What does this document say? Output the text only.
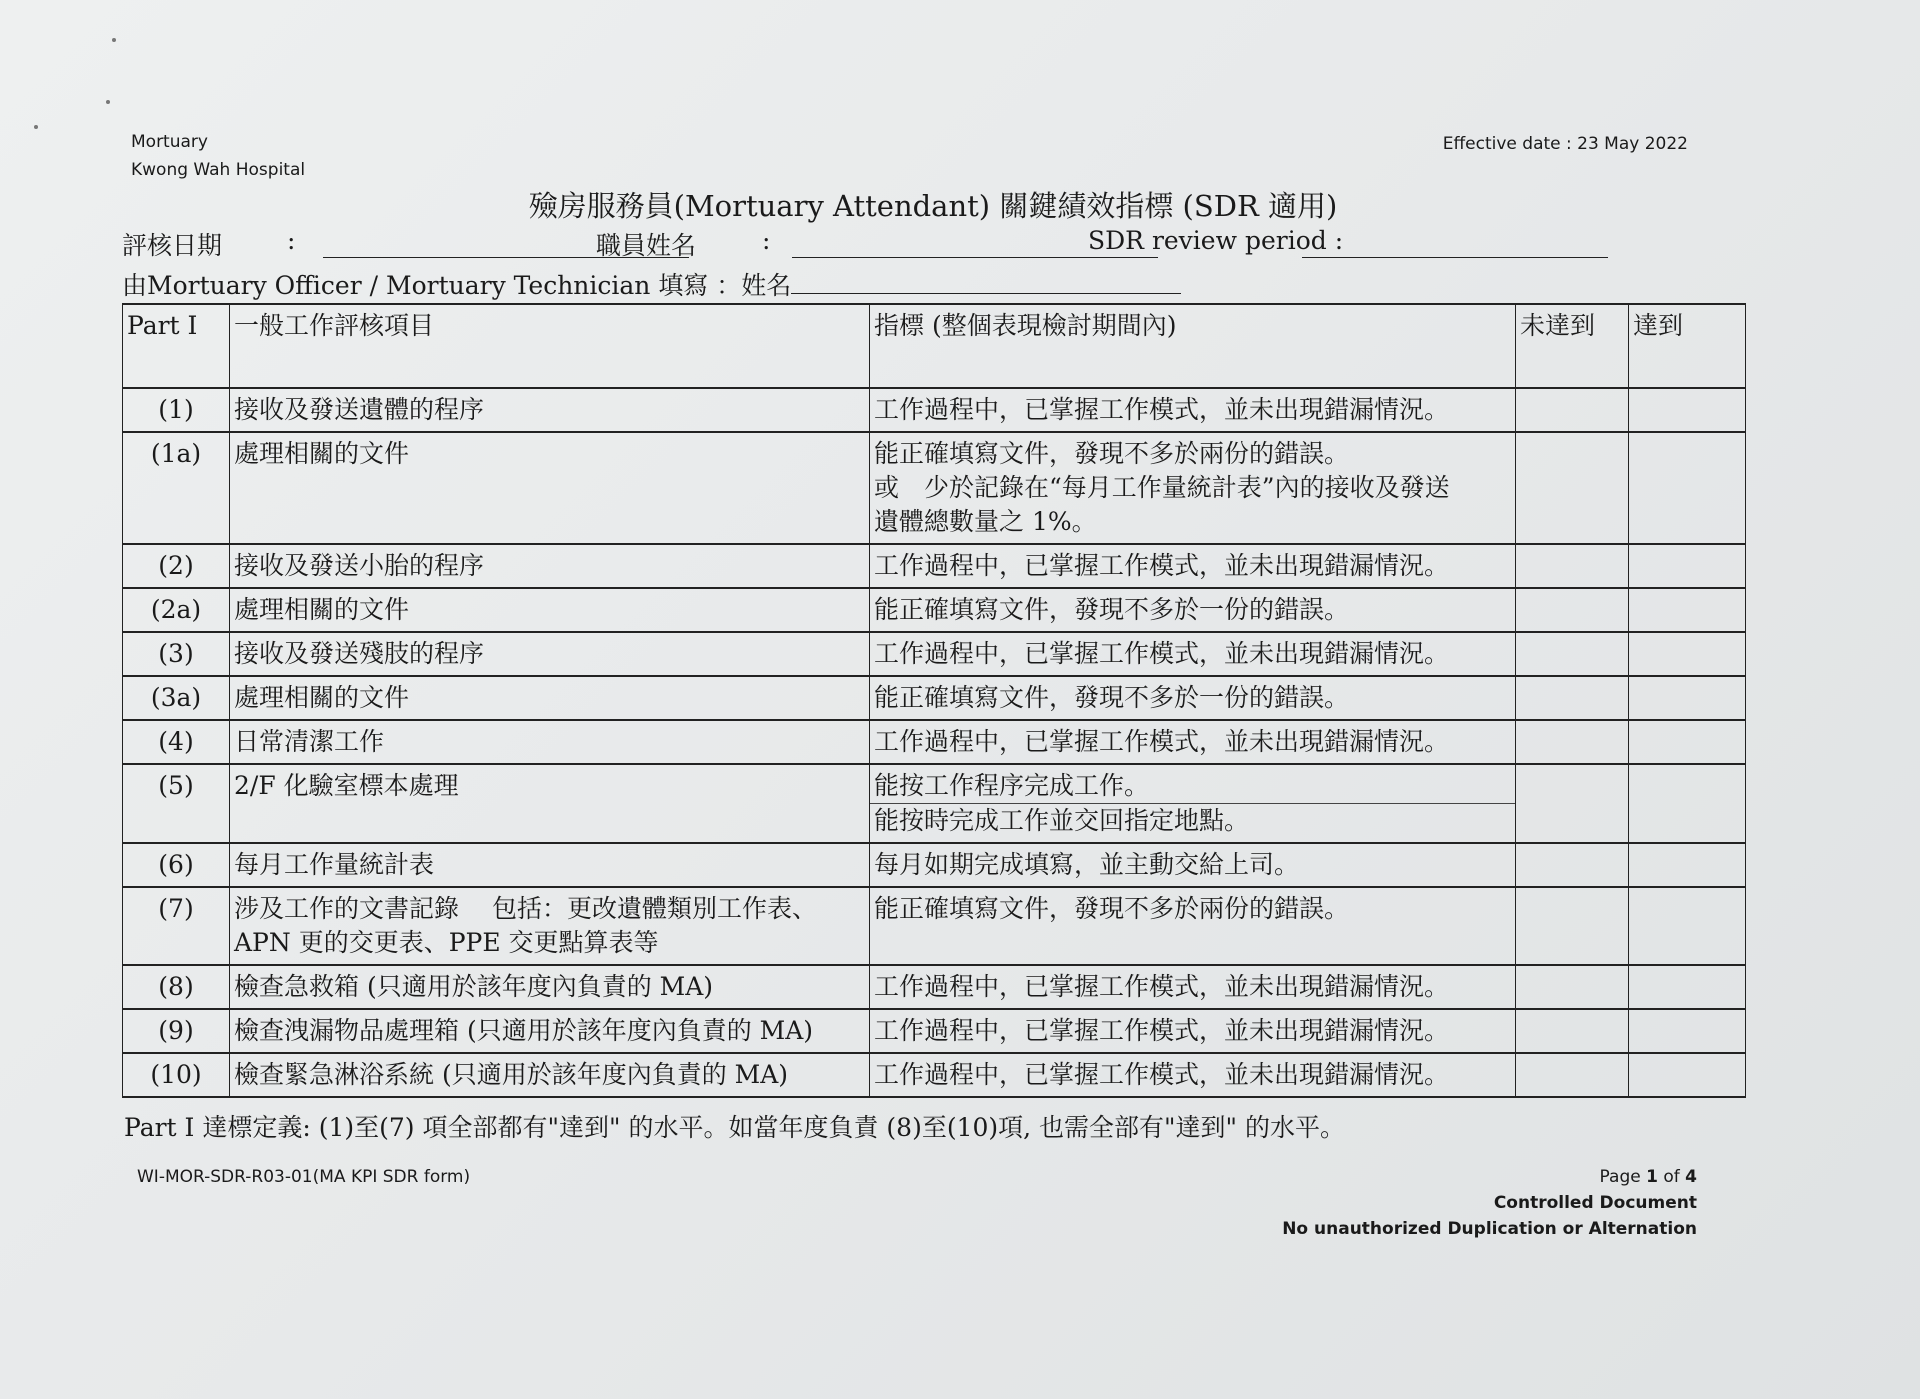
Mortuary
Kwong Wah Hospital
Effective date : 23 May 2022
殮房服務員(Mortuary Attendant) 關鍵績效指標 (SDR 適用)
評核日期	:	職員姓名	:	SDR review period :
由Mortuary Officer / Mortuary Technician 填寫 ：姓名
Part Ⅰ	一般工作評核項目	指標 (整個表現檢討期間內)	未達到	達到
(1)	接收及發送遺體的程序	工作過程中，已掌握工作模式，並未出現錯漏情況。		
(1a)	處理相關的文件	能正確填寫文件，發現不多於兩份的錯誤。
或　少於記錄在“每月工作量統計表”內的接收及發送
遺體總數量之 1%。		

(2)	接收及發送小胎的程序	工作過程中，已掌握工作模式，並未出現錯漏情況。		
(2a)	處理相關的文件	能正確填寫文件，發現不多於一份的錯誤。		
(3)	接收及發送殘肢的程序	工作過程中，已掌握工作模式，並未出現錯漏情況。		
(3a)	處理相關的文件	能正確填寫文件，發現不多於一份的錯誤。		
(4)	日常清潔工作	工作過程中，已掌握工作模式，並未出現錯漏情況。		
(5)	2/F 化驗室標本處理	能按工作程序完成工作。
能按時完成工作並交回指定地點。		

(6)	每月工作量統計表	每月如期完成填寫，並主動交給上司。		
(7)	涉及工作的文書記錄　 包括：更改遺體類別工作表、APN 更的交更表、PPE 交更點算表等	能正確填寫文件，發現不多於兩份的錯誤。		
(8)	檢查急救箱 (只適用於該年度內負責的 MA)	工作過程中，已掌握工作模式，並未出現錯漏情況。		
(9)	檢查洩漏物品處理箱 (只適用於該年度內負責的 MA)	工作過程中，已掌握工作模式，並未出現錯漏情況。		
(10)	檢查緊急淋浴系統 (只適用於該年度內負責的 MA)	工作過程中，已掌握工作模式，並未出現錯漏情況。		
Part I 達標定義: (1)至(7) 項全部都有"達到" 的水平。如當年度負責 (8)至(10)項, 也需全部有"達到" 的水平。
WI-MOR-SDR-R03-01(MA KPI SDR form)	Page 1 of 4
Controlled Document
No unauthorized Duplication or Alternation
